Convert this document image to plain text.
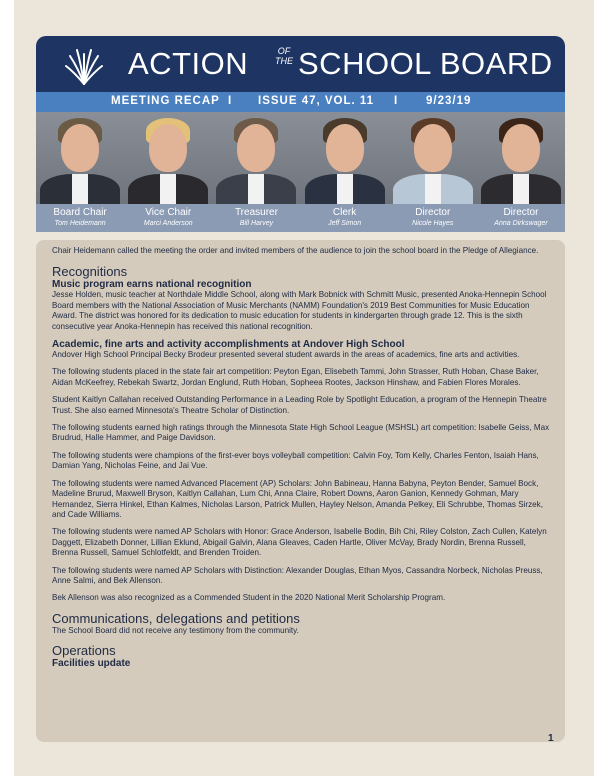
ACTION	OF
THE SCHOOL BOARD
MEETING RECAP I ISSUE 47, VOL. 11 I 9/23/19
Board Chair
Tom Heidemann
Vice Chair
Marci Anderson
Treasurer
Bill Harvey
Clerk
Jeff Simon
Director
Nicole Hayes
Director
Anna Dirkswager

Chair Heidemann called the meeting the order and invited members of the audience to join the school board in the Pledge of Allegiance.

Recognitions
Music program earns national recognition

Jesse Holden, music teacher at Northdale Middle School, along with Mark Bobnick with Schmitt Music, presented Anoka-Hennepin School Board members with the National Association of Music Merchants (NAMM) Foundation's 2019 Best Communities for Music Education Award. The district was honored for its dedication to music education for students in kindergarten through grade 12. This is the sixth consecutive year Anoka-Hennepin has received this national recognition.

Academic, fine arts and activity accomplishments at Andover High School

Andover High School Principal Becky Brodeur presented several student awards in the areas of academics, fine arts and activities.

The following students placed in the state fair art competition: Peyton Egan, Elisebeth Tammi, John Strasser, Ruth Hoban, Chase Baker, Aidan McKeefrey, Rebekah Swartz, Jordan Englund, Ruth Hoban, Sopheea Rootes, Jackson Hinshaw, and Fabien Flores Morales.

Student Kaitlyn Callahan received Outstanding Performance in a Leading Role by Spotlight Education, a program of the Hennepin Theatre Trust. She also earned Minnesota's Theatre Scholar of Distinction.

The following students earned high ratings through the Minnesota State High School League (MSHSL) art competition: Isabelle Geiss, Max Brudrud, Halle Hammer, and Paige Davidson.

The following students were champions of the first-ever boys volleyball competition: Calvin Foy, Tom Kelly, Charles Fenton, Isaiah Hans, Damian Yang, Nicholas Feine, and Jai Vue.

The following students were named Advanced Placement (AP) Scholars: John Babineau, Hanna Babyna, Peyton Bender, Samuel Bock, Madeline Brurud, Maxwell Bryson, Kaitlyn Callahan, Lum Chi, Anna Claire, Robert Downs, Aaron Ganion, Kennedy Gohman, Mary Hernandez, Sierra Hinkel, Ethan Kalmes, Nicholas Larson, Patrick Mullen, Hayley Nelson, Amanda Pelkey, Eli Schrubbe, Thomas Sirzek, and Cade Williams.

The following students were named AP Scholars with Honor: Grace Anderson, Isabelle Bodin, Bih Chi, Riley Colston, Zach Cullen, Katelyn Daggett, Elizabeth Donner, Lillian Eklund, Abigail Galvin, Alana Gleaves, Caden Hartle, Oliver McVay, Brady Nordin, Brenna Russell, Brenna Russell, Samuel Schlotfeldt, and Brenden Troiden.

The following students were named AP Scholars with Distinction: Alexander Douglas, Ethan Myos, Cassandra Norbeck, Nicholas Preuss, Anne Salmi, and Bek Allenson.

Bek Allenson was also recognized as a Commended Student in the 2020 National Merit Scholarship Program.

Communications, delegations and petitions

The School Board did not receive any testimony from the community.

Operations
Facilities update
1
